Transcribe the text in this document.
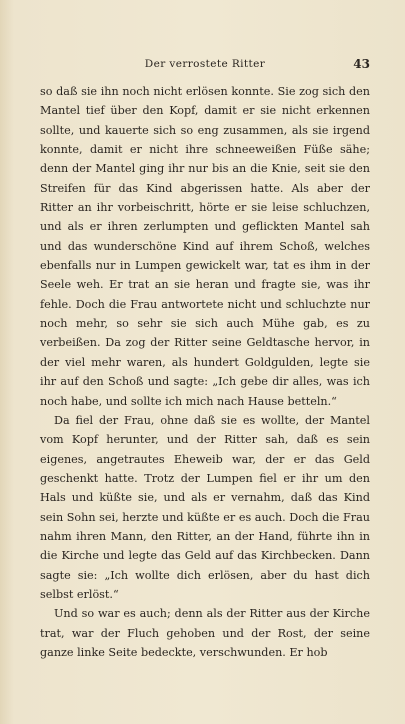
Der verrostete Ritter	43

so daß sie ihn noch nicht erlösen konnte. Sie zog sich den Mantel tief über den Kopf, damit er sie nicht erkennen sollte, und kauerte sich so eng zusammen, als sie irgend konnte, damit er nicht ihre schneeweißen Füße sähe; denn der Mantel ging ihr nur bis an die Knie, seit sie den Streifen für das Kind abgerissen hatte. Als aber der Ritter an ihr vorbeischritt, hörte er sie leise schluchzen, und als er ihren zerlumpten und geflickten Mantel sah und das wunderschöne Kind auf ihrem Schoß, welches ebenfalls nur in Lumpen gewickelt war, tat es ihm in der Seele weh. Er trat an sie heran und fragte sie, was ihr fehle. Doch die Frau antwortete nicht und schluchzte nur noch mehr, so sehr sie sich auch Mühe gab, es zu verbeißen. Da zog der Ritter seine Geldtasche hervor, in der viel mehr waren, als hundert Goldgulden, legte sie ihr auf den Schoß und sagte: „Ich gebe dir alles, was ich noch habe, und sollte ich mich nach Hause betteln.“

Da fiel der Frau, ohne daß sie es wollte, der Mantel vom Kopf herunter, und der Ritter sah, daß es sein eigenes, angetrautes Eheweib war, der er das Geld geschenkt hatte. Trotz der Lumpen fiel er ihr um den Hals und küßte sie, und als er vernahm, daß das Kind sein Sohn sei, herzte und küßte er es auch. Doch die Frau nahm ihren Mann, den Ritter, an der Hand, führte ihn in die Kirche und legte das Geld auf das Kirchbecken. Dann sagte sie: „Ich wollte dich erlösen, aber du hast dich selbst erlöst.“

Und so war es auch; denn als der Ritter aus der Kirche trat, war der Fluch gehoben und der Rost, der seine ganze linke Seite bedeckte, verschwunden. Er hob
